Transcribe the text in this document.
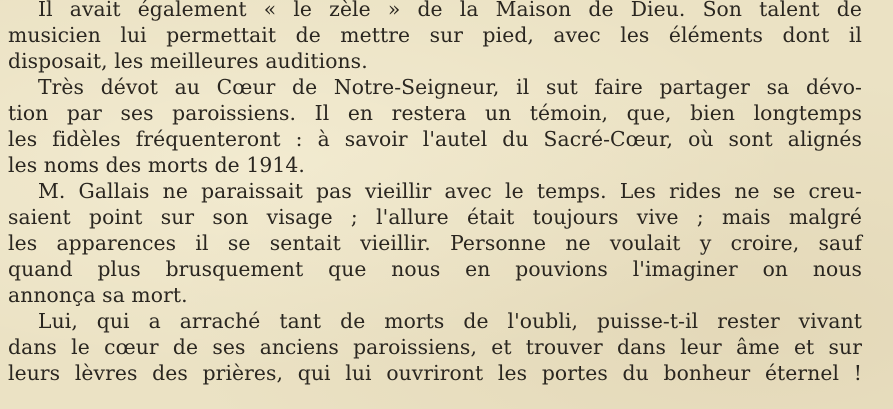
Il avait également « le zèle » de la Maison de Dieu. Son talent de
musicien lui permettait de mettre sur pied, avec les éléments dont il
disposait, les meilleures auditions.
Très dévot au Cœur de Notre-Seigneur, il sut faire partager sa dévo-
tion par ses paroissiens. Il en restera un témoin, que, bien longtemps
les fidèles fréquenteront : à savoir l'autel du Sacré-Cœur, où sont alignés
les noms des morts de 1914.
M. Gallais ne paraissait pas vieillir avec le temps. Les rides ne se creu-
saient point sur son visage ; l'allure était toujours vive ; mais malgré
les apparences il se sentait vieillir. Personne ne voulait y croire, sauf
quand plus brusquement que nous en pouvions l'imaginer on nous
annonça sa mort.
Lui, qui a arraché tant de morts de l'oubli, puisse-t-il rester vivant
dans le cœur de ses anciens paroissiens, et trouver dans leur âme et sur
leurs lèvres des prières, qui lui ouvriront les portes du bonheur éternel !
